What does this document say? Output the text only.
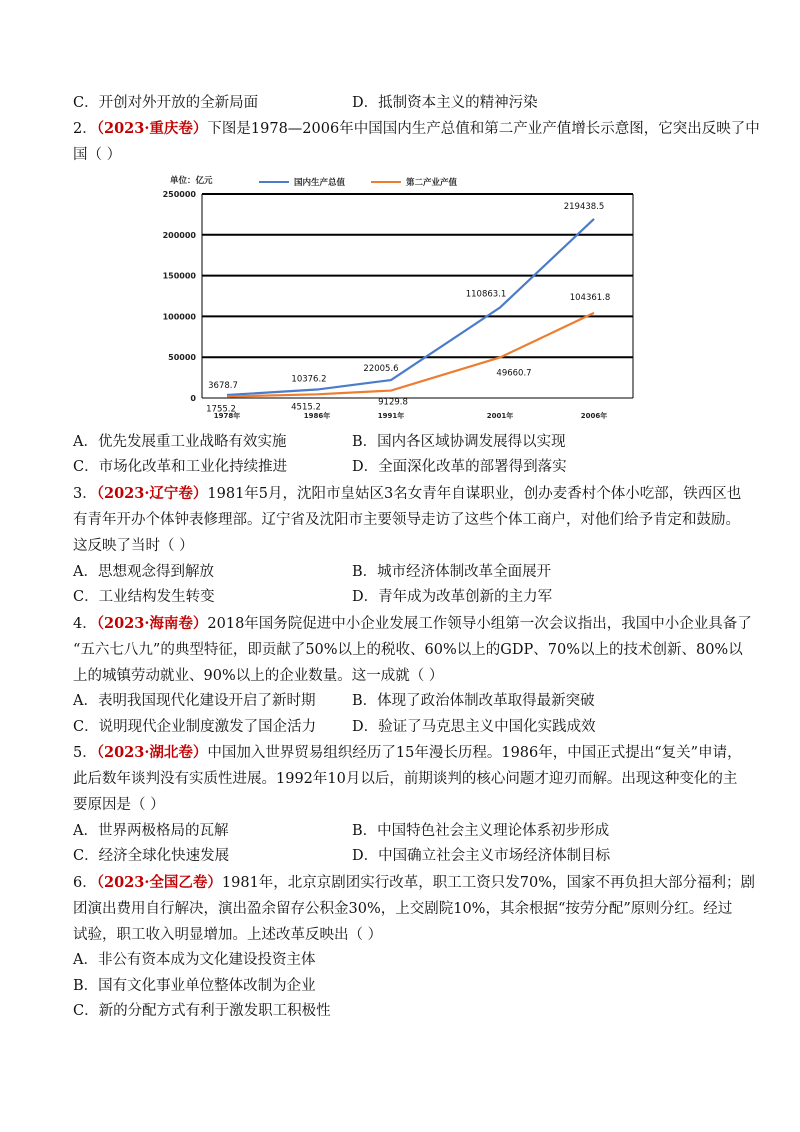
C．开创对外开放的全新局面	D．抵制资本主义的精神污染
2．（2023·重庆卷）下图是1978—2006年中国国内生产总值和第二产业产值增长示意图，它突出反映了中
国（ ）
单位：亿元	国内生产总值	第二产业产值
0
50000
100000
150000
200000
250000
1978年	1986年	1991年	2001年	2006年
3678.7
10376.2
22005.6
110863.1
219438.5
1755.2	4515.2	9129.8
49660.7
104361.8
A．优先发展重工业战略有效实施	B．国内各区域协调发展得以实现
C．市场化改革和工业化持续推进	D．全面深化改革的部署得到落实
3．（2023·辽宁卷）1981年5月，沈阳市皇姑区3名女青年自谋职业，创办麦香村个体小吃部，铁西区也
有青年开办个体钟表修理部。辽宁省及沈阳市主要领导走访了这些个体工商户，对他们给予肯定和鼓励。
这反映了当时（ ）
A．思想观念得到解放	B．城市经济体制改革全面展开
C．工业结构发生转变	D．青年成为改革创新的主力军
4．（2023·海南卷）2018年国务院促进中小企业发展工作领导小组第一次会议指出，我国中小企业具备了
“五六七八九”的典型特征，即贡献了50%以上的税收、60%以上的GDP、70%以上的技术创新、80%以
上的城镇劳动就业、90%以上的企业数量。这一成就（ ）
A．表明我国现代化建设开启了新时期	B．体现了政治体制改革取得最新突破
C．说明现代企业制度激发了国企活力 D．验证了马克思主义中国化实践成效
5．（2023·湖北卷）中国加入世界贸易组织经历了15年漫长历程。1986年，中国正式提出“复关”申请，
此后数年谈判没有实质性进展。1992年10月以后，前期谈判的核心问题才迎刃而解。出现这种变化的主
要原因是（ ）
A．世界两极格局的瓦解	B．中国特色社会主义理论体系初步形成
C．经济全球化快速发展	D．中国确立社会主义市场经济体制目标
6．（2023·全国乙卷）1981年，北京京剧团实行改革，职工工资只发70%，国家不再负担大部分福利；剧
团演出费用自行解决，演出盈余留存公积金30%，上交剧院10%，其余根据“按劳分配”原则分红。经过
试验，职工收入明显增加。上述改革反映出（ ）
A．非公有资本成为文化建设投资主体
B．国有文化事业单位整体改制为企业
C．新的分配方式有利于激发职工积极性
